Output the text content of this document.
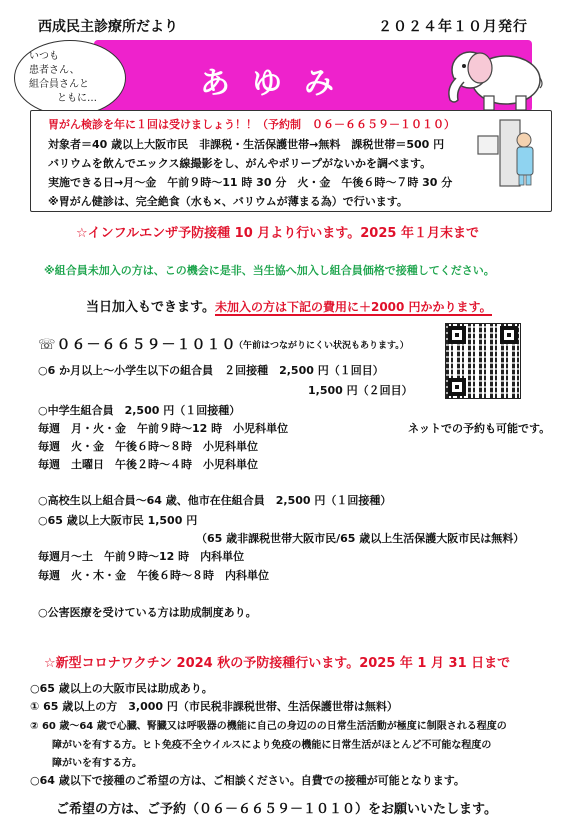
西成民主診療所だより	２０２４年１０月発行
あゆみ
いつも
患者さん、
組合員さんと
ともに…
胃がん検診を年に１回は受けましょう！！（予約制　０６－６６５９－１０１０）
対象者＝40 歳以上大阪市民　非課税・生活保護世帯→無料　課税世帯＝500 円
バリウムを飲んでエックス線撮影をし、がんやポリープがないかを調べます。
実施できる日→月～金　午前９時～11 時 30 分　火・金　午後６時～７時 30 分
※胃がん健診は、完全絶食（水も×、バリウムが薄まる為）で行います。
☆インフルエンザ予防接種 10 月より行います。2025 年１月末まで
※組合員未加入の方は、この機会に是非、当生協へ加入し組合員価格で接種してください。
当日加入もできます。未加入の方は下記の費用に＋2000 円かかります。
☏０６－６６５９－１０１０
（午前はつながりにくい状況もあります。）
○6 か月以上～小学生以下の組合員　２回接種　2,500 円（１回目）
1,500 円（２回目）
○中学生組合員　2,500 円（１回接種）
ネットでの予約も可能です。
毎週　月・火・金　午前９時～12 時　小児科単位
毎週　火・金　午後６時～８時　小児科単位
毎週　土曜日　午後２時～４時　小児科単位
○高校生以上組合員～64 歳、他市在住組合員　2,500 円（１回接種）
○65 歳以上大阪市民 1,500 円
（65 歳非課税世帯大阪市民/65 歳以上生活保護大阪市民は無料）
毎週月～土　午前９時～12 時　内科単位
毎週　火・木・金　午後６時～８時　内科単位
○公害医療を受けている方は助成制度あり。
☆新型コロナワクチン 2024 秋の予防接種行います。2025 年 1 月 31 日まで
○65 歳以上の大阪市民は助成あり。
① 65 歳以上の方　3,000 円（市民税非課税世帯、生活保護世帯は無料）
② 60 歳～64 歳で心臓、腎臓又は呼吸器の機能に自己の身辺のの日常生活活動が極度に制限される程度の
障がいを有する方。ヒト免疫不全ウイルスにより免疫の機能に日常生活がほとんど不可能な程度の
障がいを有する方。
○64 歳以下で接種のご希望の方は、ご相談ください。自費での接種が可能となります。
ご希望の方は、ご予約（０６－６６５９－１０１０）をお願いいたします。
